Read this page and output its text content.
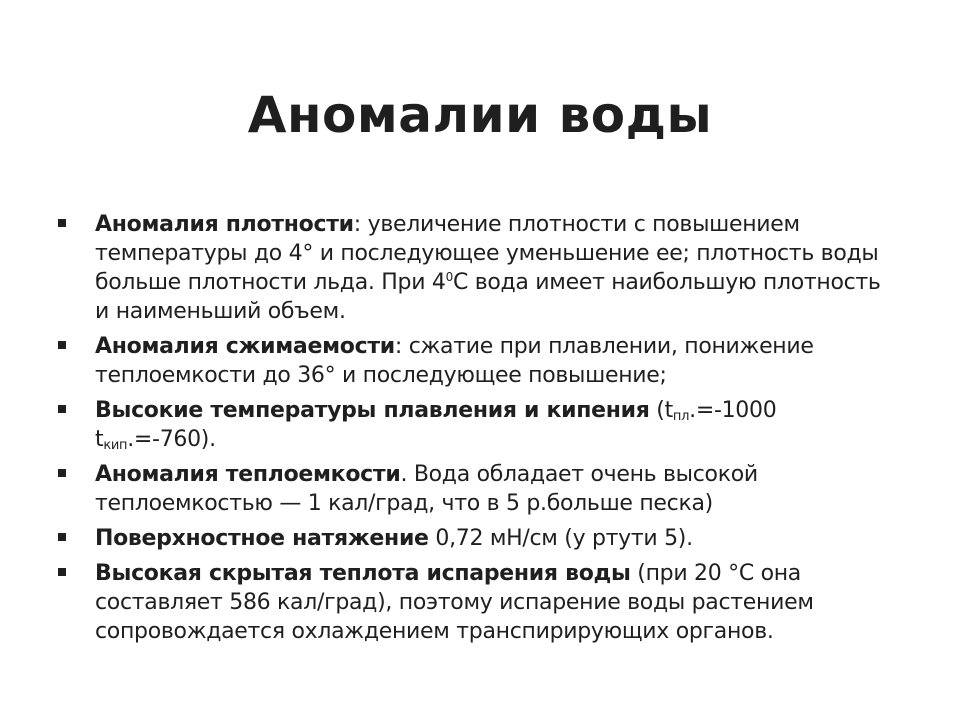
Аномалии воды
Аномалия плотности: увеличение плотности с повышением температуры до 4° и последующее уменьшение ее; плотность воды больше плотности льда. При $4^0С$ вода имеет наибольшую плотность и наименьший объем.
Аномалия сжимаемости: сжатие при плавлении, понижение теплоемкости до 36° и последующее повышение;
Высокие температуры плавления и кипения ($t_{пл}.=-1000$ $t_{кип}.=-760$).
Аномалия теплоемкости. Вода обладает очень высокой теплоемкостью — 1 кал/град, что в 5 р.больше песка)
Поверхностное натяжение 0,72 мН/см (у ртути 5).
Высокая скрытая теплота испарения воды (при 20 °С она составляет 586 кал/град), поэтому испарение воды растением сопровождается охлаждением транспирирующих органов.
